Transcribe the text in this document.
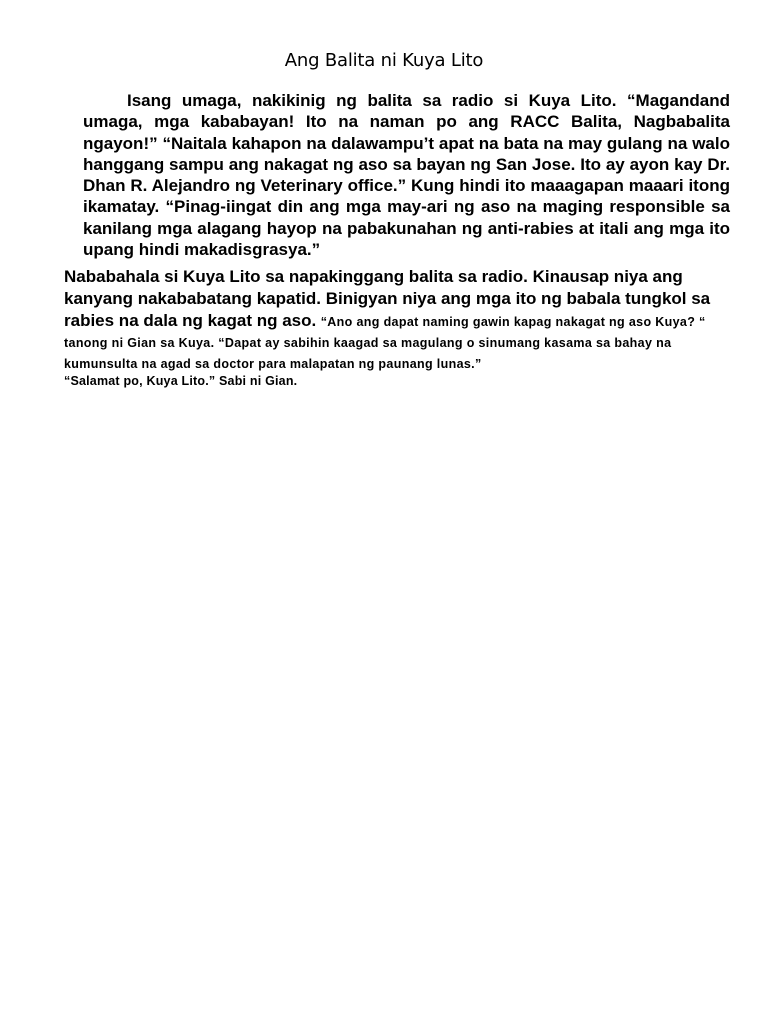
Ang Balita ni Kuya Lito

Isang umaga, nakikinig ng balita sa radio si Kuya Lito. “Magandand umaga, mga kababayan! Ito na naman po ang RACC Balita, Nagbabalita ngayon!” “Naitala kahapon na dalawampu’t apat na bata na may gulang na walo hanggang sampu ang nakagat ng aso sa bayan ng San Jose. Ito ay ayon kay Dr. Dhan R. Alejandro ng Veterinary office.” Kung hindi ito maaagapan maaari itong ikamatay. “Pinag-iingat din ang mga may-ari ng aso na maging responsible sa kanilang mga alagang hayop na pabakunahan ng anti-rabies at itali ang mga ito upang hindi makadisgrasya.”

Nababahala si Kuya Lito sa napakinggang balita sa radio. Kinausap niya ang kanyang nakababatang kapatid. Binigyan niya ang mga ito ng babala tungkol sa rabies na dala ng kagat ng aso. “Ano ang dapat naming gawin kapag nakagat ng aso Kuya? “ tanong ni Gian sa Kuya. “Dapat ay sabihin kaagad sa magulang o sinumang kasama sa bahay na kumunsulta na agad sa doctor para malapatan ng paunang lunas.”

“Salamat po, Kuya Lito.” Sabi ni Gian.
